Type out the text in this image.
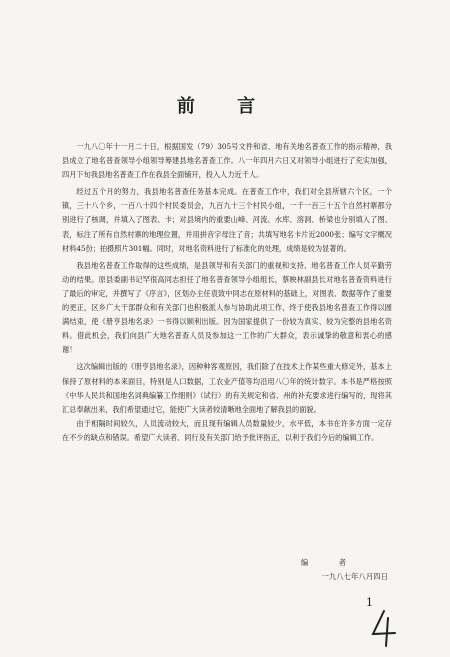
前 言

一九八〇年十一月二十日，根据国发（79）305号文件和省、地有关地名普查工作的指示精神，我县成立了地名普查领导小组领导筹建县地名普查工作。八一年四月六日又对领导小组进行了充实加强，四月下旬我县地名普查工作在我县全面铺开，投入人力近千人。

经过五个月的努力，我县地名普查任务基本完成。在普查工作中，我们对全县所辖六个区，一个镇，三十八个乡，一百八十四个村民委员会，九百九十三个村民小组，一千一百三十五个自然村寨都分别进行了核调，并填入了图表、卡；对县境内的重要山峰、河流、水库、溶洞、桥梁也分别填入了图、表，标注了所有自然村寨的地理位置，并用拼音字母注了音；共填写地名卡片近2000张；编写文字概况材料45份；拍摄照片301幅。同时，对地名资料进行了标准化的处理，成绩是较为显著的。

我县地名普查工作取得的这些成绩，是县领导和有关部门的重视和支持、地名普查工作人员辛勤劳动的结果。原县委副书记罕很高同志担任了地名普查领导小组组长，蔡映林副县长对地名普查资料进行了最后的审定，并撰写了《序言》，区划办主任袁致中同志在原材料的基础上，对图表、数据等作了重要的更正，区乡广大干部群众和有关部门也积极派人参与协助此项工作，终于使我县地名普查工作得以圆满结束，使《册亨县地名录》一书得以顺利出版。因为国家提供了一份较为真实、较为完整的县地名资料。借此机会，我们向县广大地名普查人员及参加这一工作的广大群众，表示诚挚的敬意和衷心的感谢！

这次编辑出版的《册亨县地名录》，因种种客观原因，我们除了在技术上作某些重大修定外，基本上保持了原材料的本来面目，特别是人口数据，工农业产值等均沿用八〇年的统计数字。本书是严格按照《中华人民共和国地名词典编纂工作细则》（试行）的有关规定和省、州的补充要求进行编写的，现将其汇总奉献出来，我们希望通过它，能使广大读者较清晰地全面地了解我县的面貌。

由于相隔时间较久，人员流动较大，而且现有编辑人员数量较少，水平低，本书在许多方面一定存在不少的缺点和错误。希望广大读者、同行及有关部门给予批评指正，以利于我们今后的编辑工作。

编 者
一九八七年八月四日
1
